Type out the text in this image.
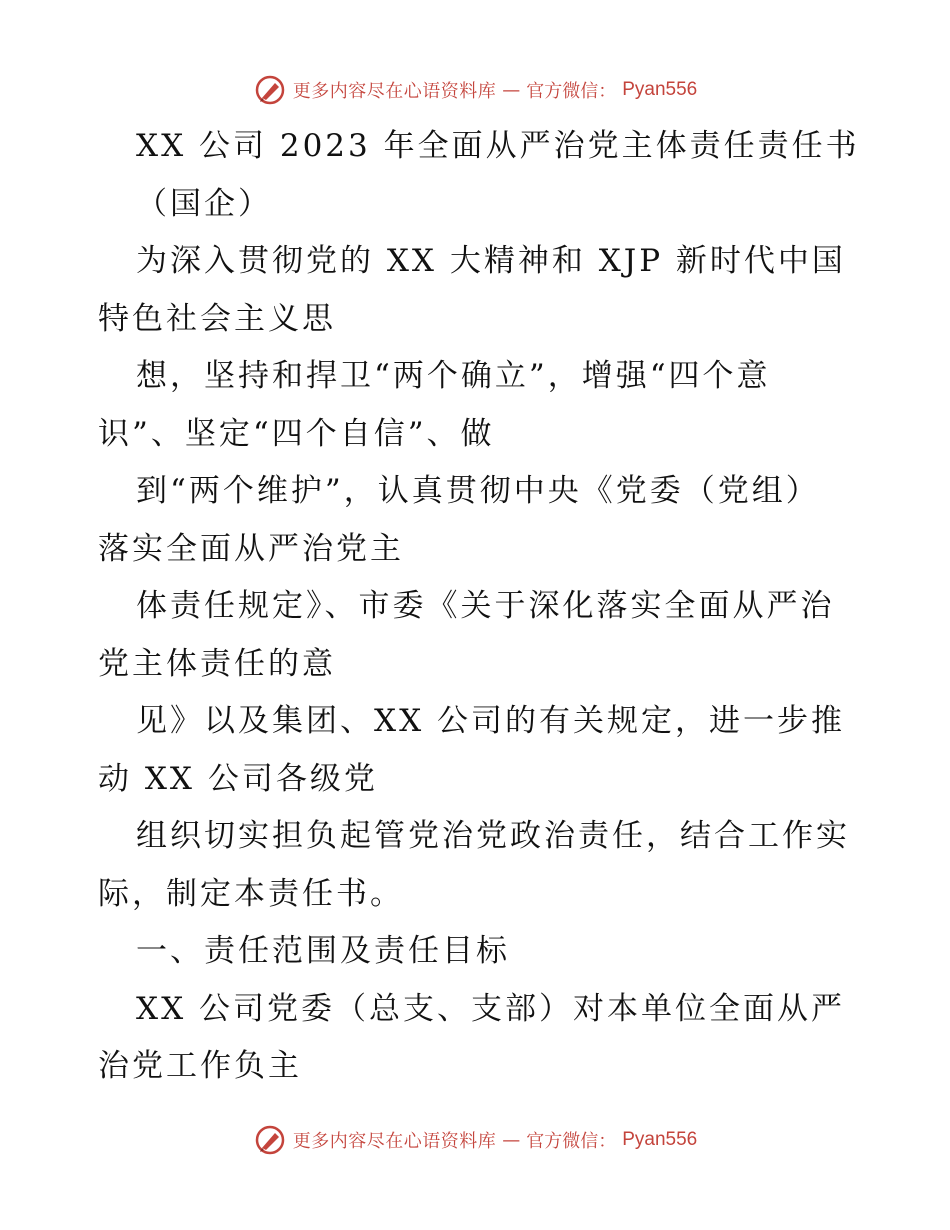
更多内容尽在心语资料库 — 官方微信： Pyan556
XX 公司 2023 年全面从严治党主体责任责任书
（国企）
为深入贯彻党的 XX 大精神和 XJP 新时代中国
特色社会主义思
想，坚持和捍卫“两个确立”，增强“四个意
识”、坚定“四个自信”、做
到“两个维护”，认真贯彻中央《党委（党组）
落实全面从严治党主
体责任规定》、市委《关于深化落实全面从严治
党主体责任的意
见》以及集团、XX 公司的有关规定，进一步推
动 XX 公司各级党
组织切实担负起管党治党政治责任，结合工作实
际，制定本责任书。
一、责任范围及责任目标
XX 公司党委（总支、支部）对本单位全面从严
治党工作负主
更多内容尽在心语资料库 — 官方微信： Pyan556
